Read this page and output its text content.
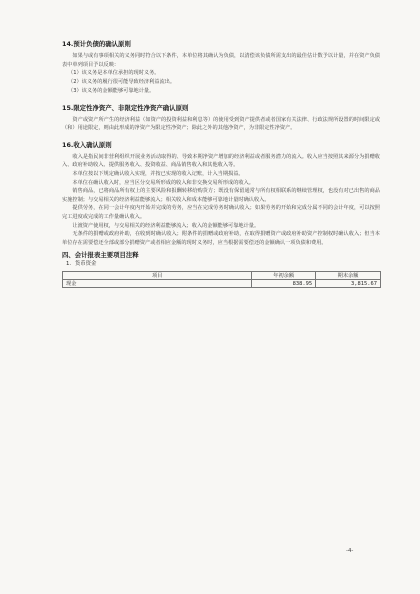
14.预计负债的确认原则
如果与或有事项相关的义务同时符合以下条件，本单位将其确认为负债，以清偿该负债所需支出的最佳估计数予以计量，并在资产负债表中单列项目予以反映：
（1）该义务是本单位承担的现时义务。
（2）该义务的履行很可能导致经济利益流出。
（3）该义务的金额能够可靠地计量。
15.限定性净资产、非限定性净资产确认原则
资产或资产所产生的经济利益（如资产的投资利益和利息等）的使用受到资产提供者或者国家有关法律、行政法规所设置的时间限定或（和）用途限定，则由此形成的净资产为限定性净资产；除此之外的其他净资产，为非限定性净资产。
16.收入确认原则
收入是指民间非营利组织开展业务活动取得的、导致本期净资产增加的经济利益或者服务潜力的流入。收入应当按照其来源分为捐赠收入、政府补助收入、提供服务收入、投资收益、商品销售收入和其他收入等。
本单位按以下规定确认收入实现，并按已实现的收入记账，计入当期损益。
本单位在确认收入时，应当区分交易所形成的收入和非交换交易所形成的收入。
销售商品，已将商品所有权上的主要风险和报酬转移给购货方；既没有保留通常与所有权相联系的继续管理权，也没有对已出售的商品实施控制；与交易相关的经济利益能够流入；相关收入和成本能够可靠地计量时确认收入。
提供劳务，在同一会计年度内开始并完成的劳务，应当在完成劳务时确认收入；如果劳务的开始和完成分属不同的会计年度，可以按照完工进度或完成的工作量确认收入。
让渡资产使用权，与交易相关的经济利益能够流入；收入的金额能够可靠地计量。
无条件的捐赠或政府补助，在收到时确认收入；附条件的捐赠或政府补助，在取得捐赠资产或政府补助资产控制权时确认收入；但当本单位存在需要偿还全部或部分捐赠资产或者相应金额的现时义务时，应当根据需要偿还的金额确认一项负债和费用。
四、会计报表主要项目注释
1．货币资金
项目	年初余额	期末余额
现金	838.95	3,815.67
-4-
